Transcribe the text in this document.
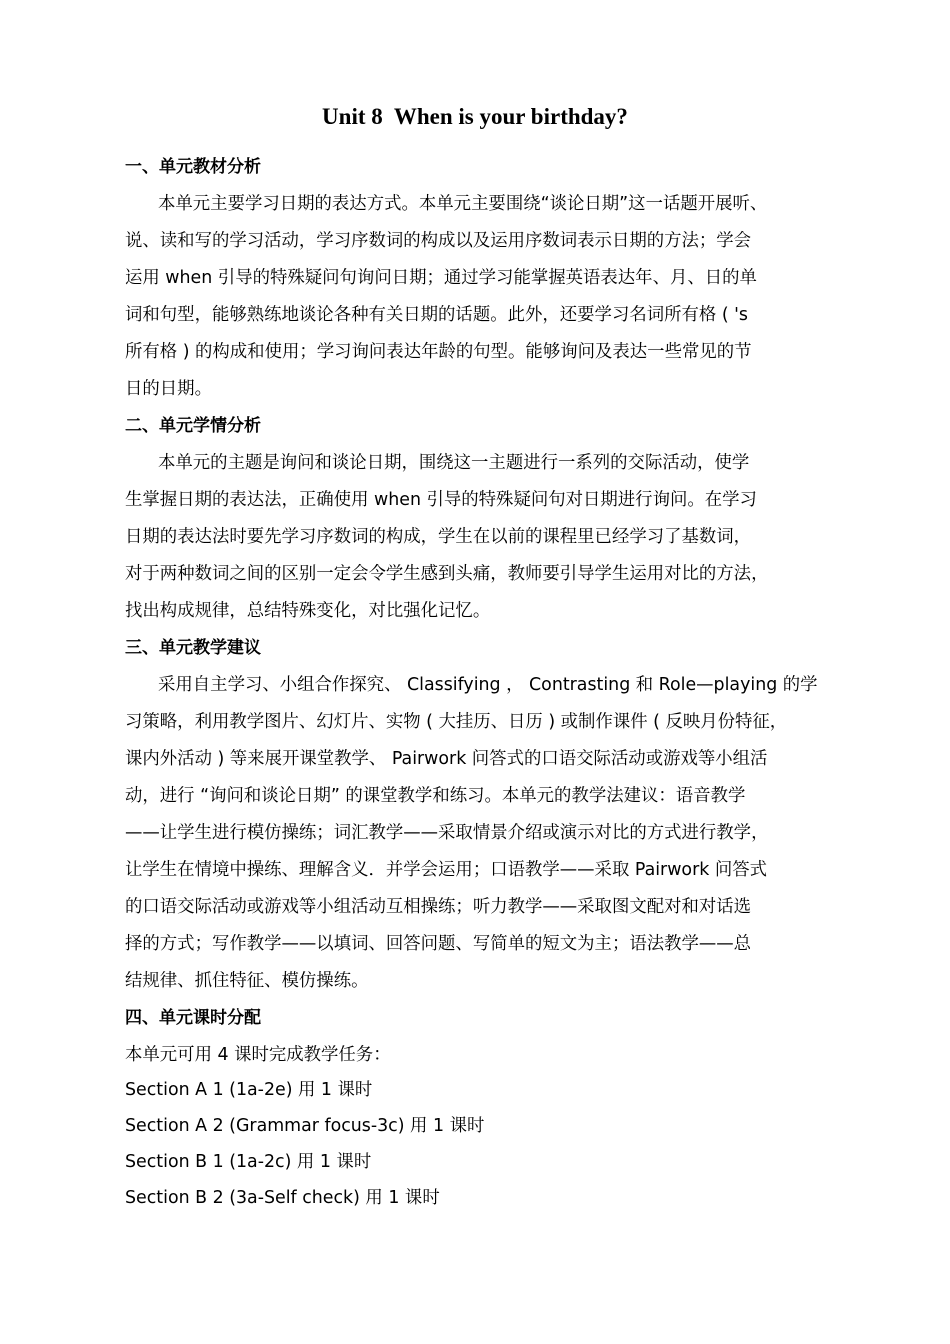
Unit 8  When is your birthday?
一、单元教材分析
本单元主要学习日期的表达方式。本单元主要围绕“谈论日期”这一话题开展听、
说、读和写的学习活动，学习序数词的构成以及运用序数词表示日期的方法；学会
运用 when 引导的特殊疑问句询问日期；通过学习能掌握英语表达年、月、日的单
词和句型，能够熟练地谈论各种有关日期的话题。此外，还要学习名词所有格 ( 's
所有格 ) 的构成和使用；学习询问表达年龄的句型。能够询问及表达一些常见的节
日的日期。
二、单元学情分析
本单元的主题是询问和谈论日期，围绕这一主题进行一系列的交际活动，使学
生掌握日期的表达法，正确使用 when 引导的特殊疑问句对日期进行询问。在学习
日期的表达法时要先学习序数词的构成，学生在以前的课程里已经学习了基数词，
对于两种数词之间的区别一定会令学生感到头痛，教师要引导学生运用对比的方法，
找出构成规律，总结特殊变化，对比强化记忆。
三、单元教学建议
采用自主学习、小组合作探究、 Classifying ， Contrasting 和 Role—playing 的学
习策略，利用教学图片、幻灯片、实物 ( 大挂历、日历 ) 或制作课件 ( 反映月份特征，
课内外活动 ) 等来展开课堂教学、 Pairwork 问答式的口语交际活动或游戏等小组活
动，进行 “询问和谈论日期” 的课堂教学和练习。本单元的教学法建议：语音教学
——让学生进行模仿操练；词汇教学——采取情景介绍或演示对比的方式进行教学，
让学生在情境中操练、理解含义．并学会运用；口语教学——采取 Pairwork 问答式
的口语交际活动或游戏等小组活动互相操练；听力教学——采取图文配对和对话选
择的方式；写作教学——以填词、回答问题、写简单的短文为主；语法教学——总
结规律、抓住特征、模仿操练。
四、单元课时分配
本单元可用 4 课时完成教学任务：
Section A 1 (1a-2e) 用 1 课时
Section A 2 (Grammar focus-3c) 用 1 课时
Section B 1 (1a-2c) 用 1 课时
Section B 2 (3a-Self check) 用 1 课时
